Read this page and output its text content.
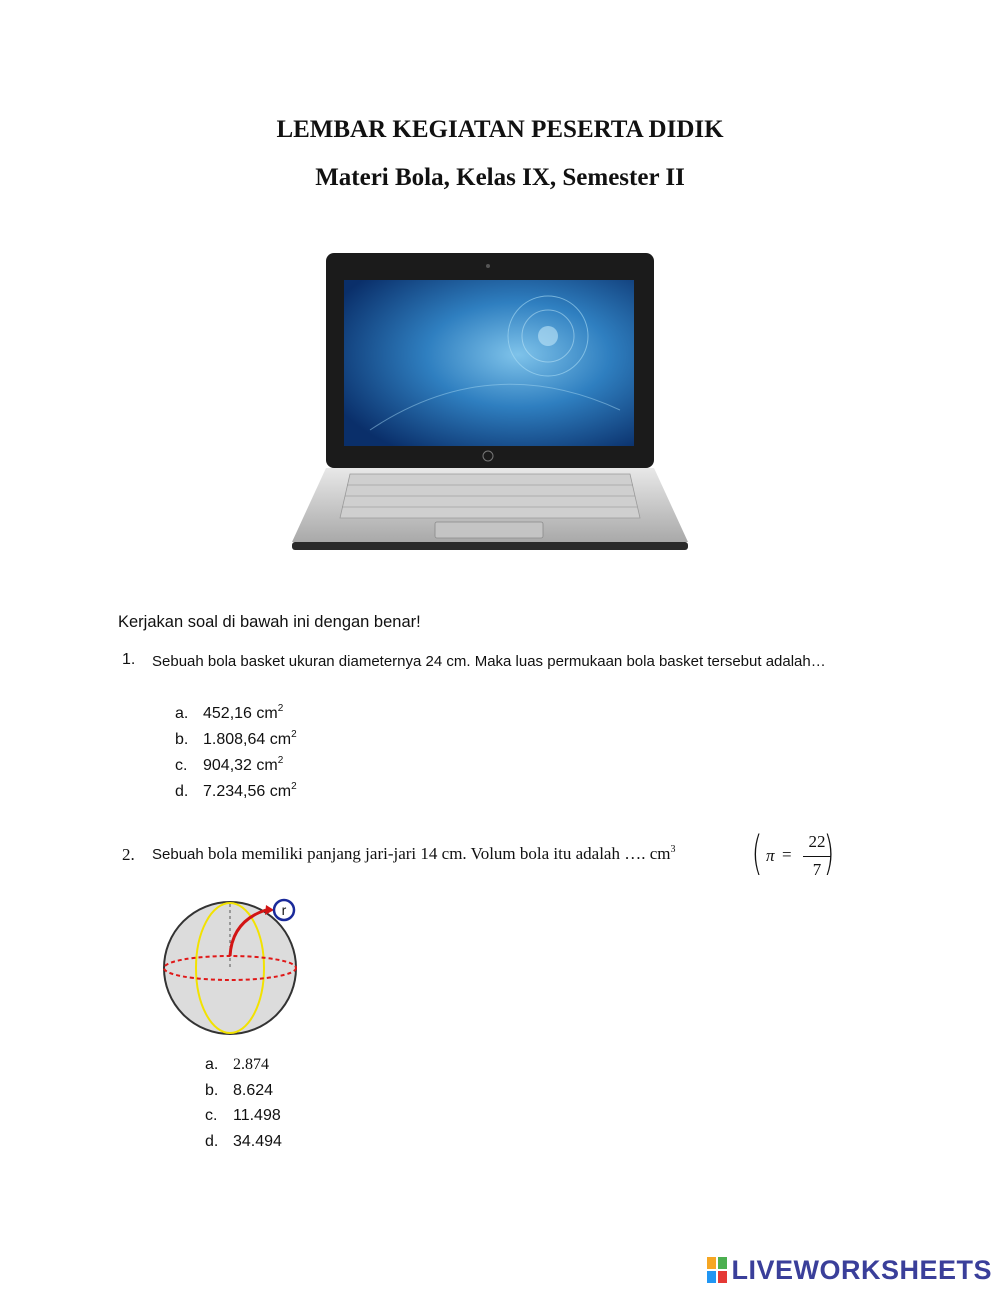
LEMBAR KEGIATAN PESERTA DIDIK
Materi Bola, Kelas IX, Semester II
Kerjakan soal di bawah ini dengan benar!
1. Sebuah bola basket ukuran diameternya 24 cm. Maka luas permukaan bola basket tersebut adalah…
a. 452,16 $cm^2$
b. 1.808,64 $cm^2$
c. 904,32 $cm^2$
d. 7.234,56 $cm^2$
2. Sebuah bola memiliki panjang jari-jari 14 cm. Volum bola itu adalah …. $cm^3$ ( π =
22
7 )
r
a. 2.874
b. 8.624
c. 11.498
d. 34.494
LIVEWORKSHEETS
